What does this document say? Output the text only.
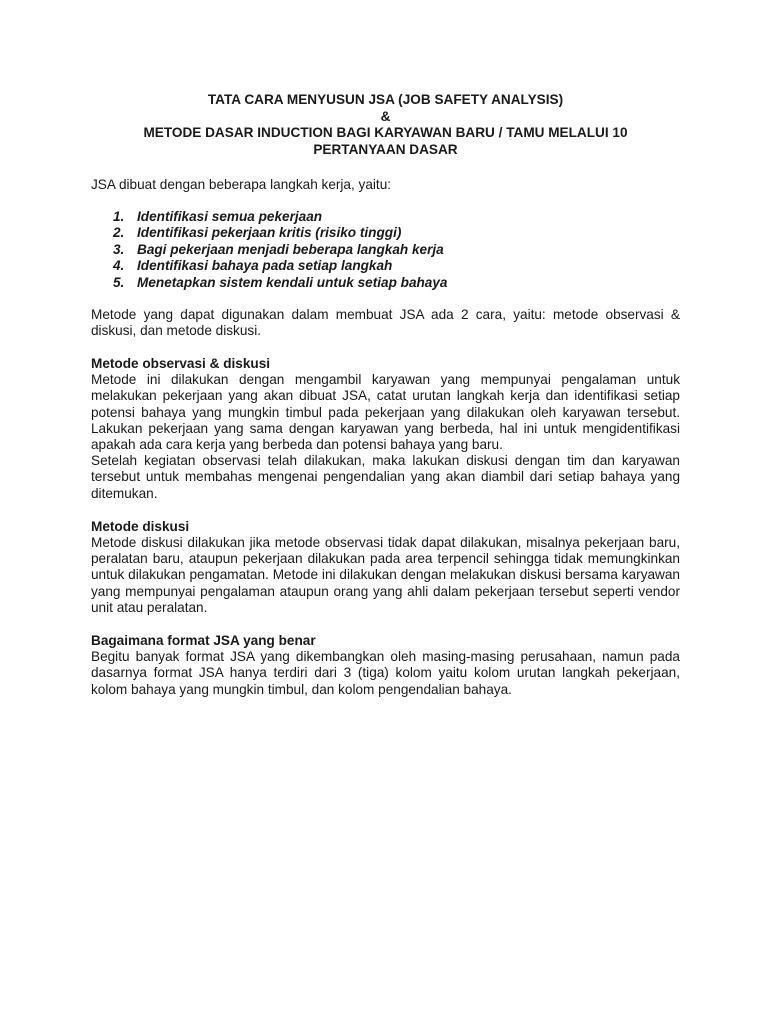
TATA CARA MENYUSUN JSA (JOB SAFETY ANALYSIS)
&
METODE DASAR INDUCTION BAGI KARYAWAN BARU / TAMU MELALUI 10
PERTANYAAN DASAR

JSA dibuat dengan beberapa langkah kerja, yaitu:

1. Identifikasi semua pekerjaan
2. Identifikasi pekerjaan kritis (risiko tinggi)
3. Bagi pekerjaan menjadi beberapa langkah kerja
4. Identifikasi bahaya pada setiap langkah
5. Menetapkan sistem kendali untuk setiap bahaya

Metode yang dapat digunakan dalam membuat JSA ada 2 cara, yaitu: metode observasi & diskusi, dan metode diskusi.

Metode observasi & diskusi

Metode ini dilakukan dengan mengambil karyawan yang mempunyai pengalaman untuk melakukan pekerjaan yang akan dibuat JSA, catat urutan langkah kerja dan identifikasi setiap potensi bahaya yang mungkin timbul pada pekerjaan yang dilakukan oleh karyawan tersebut. Lakukan pekerjaan yang sama dengan karyawan yang berbeda, hal ini untuk mengidentifikasi apakah ada cara kerja yang berbeda dan potensi bahaya yang baru.

Setelah kegiatan observasi telah dilakukan, maka lakukan diskusi dengan tim dan karyawan tersebut untuk membahas mengenai pengendalian yang akan diambil dari setiap bahaya yang ditemukan.

Metode diskusi

Metode diskusi dilakukan jika metode observasi tidak dapat dilakukan, misalnya pekerjaan baru, peralatan baru, ataupun pekerjaan dilakukan pada area terpencil sehingga tidak memungkinkan untuk dilakukan pengamatan. Metode ini dilakukan dengan melakukan diskusi bersama karyawan yang mempunyai pengalaman ataupun orang yang ahli dalam pekerjaan tersebut seperti vendor unit atau peralatan.

Bagaimana format JSA yang benar

Begitu banyak format JSA yang dikembangkan oleh masing-masing perusahaan, namun pada dasarnya format JSA hanya terdiri dari 3 (tiga) kolom yaitu kolom urutan langkah pekerjaan, kolom bahaya yang mungkin timbul, dan kolom pengendalian bahaya.
